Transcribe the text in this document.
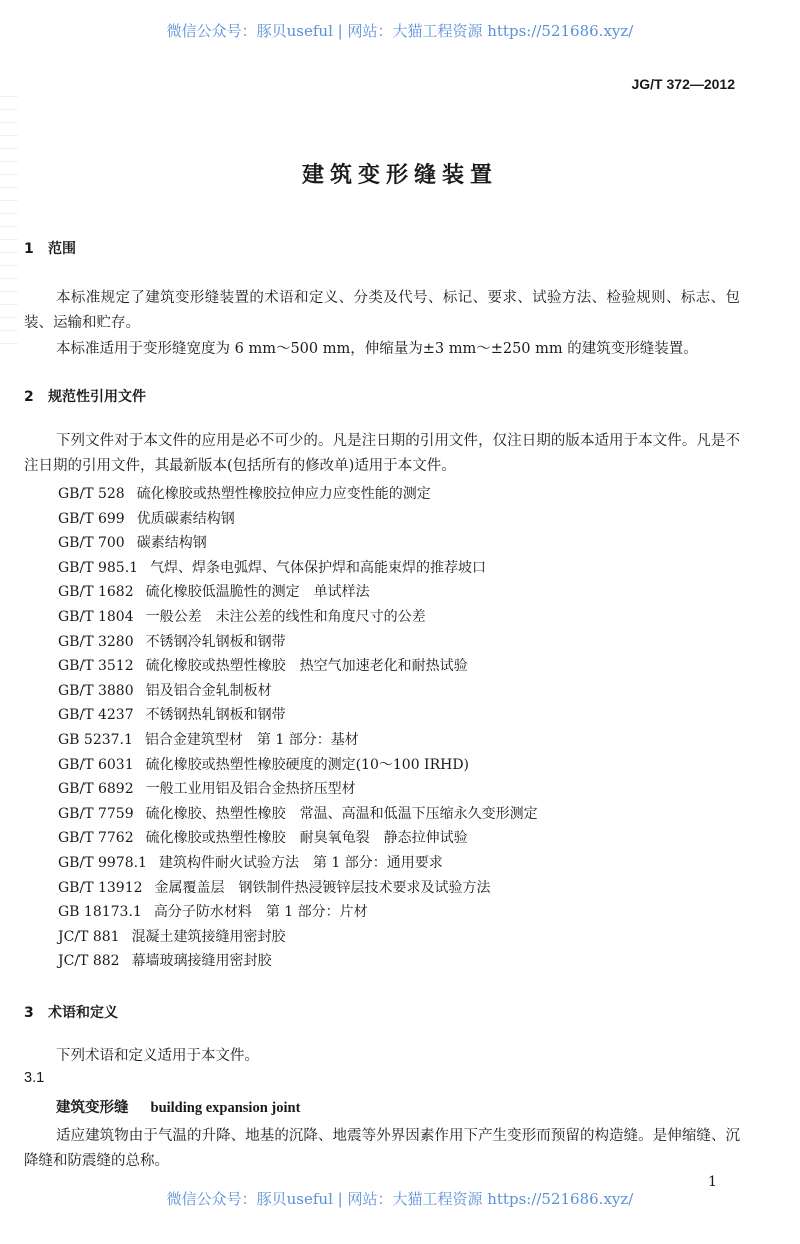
微信公众号：豚贝useful | 网站：大猫工程资源 https://521686.xyz/
JG/T 372—2012
建筑变形缝装置
1 范围
本标准规定了建筑变形缝装置的术语和定义、分类及代号、标记、要求、试验方法、检验规则、标志、包装、运输和贮存。
本标准适用于变形缝宽度为 6 mm～500 mm，伸缩量为±3 mm～±250 mm 的建筑变形缝装置。
2 规范性引用文件
下列文件对于本文件的应用是必不可少的。凡是注日期的引用文件，仅注日期的版本适用于本文件。凡是不注日期的引用文件，其最新版本(包括所有的修改单)适用于本文件。
GB/T 528 硫化橡胶或热塑性橡胶拉伸应力应变性能的测定
GB/T 699 优质碳素结构钢
GB/T 700 碳素结构钢
GB/T 985.1 气焊、焊条电弧焊、气体保护焊和高能束焊的推荐坡口
GB/T 1682 硫化橡胶低温脆性的测定　单试样法
GB/T 1804 一般公差　未注公差的线性和角度尺寸的公差
GB/T 3280 不锈钢冷轧钢板和钢带
GB/T 3512 硫化橡胶或热塑性橡胶　热空气加速老化和耐热试验
GB/T 3880 铝及铝合金轧制板材
GB/T 4237 不锈钢热轧钢板和钢带
GB 5237.1 铝合金建筑型材　第 1 部分：基材
GB/T 6031 硫化橡胶或热塑性橡胶硬度的测定(10～100 IRHD)
GB/T 6892 一般工业用铝及铝合金热挤压型材
GB/T 7759 硫化橡胶、热塑性橡胶　常温、高温和低温下压缩永久变形测定
GB/T 7762 硫化橡胶或热塑性橡胶　耐臭氧龟裂　静态拉伸试验
GB/T 9978.1 建筑构件耐火试验方法　第 1 部分：通用要求
GB/T 13912 金属覆盖层　钢铁制件热浸镀锌层技术要求及试验方法
GB 18173.1 高分子防水材料　第 1 部分：片材
JC/T 881 混凝土建筑接缝用密封胶
JC/T 882 幕墙玻璃接缝用密封胶
3 术语和定义
下列术语和定义适用于本文件。
3.1
建筑变形缝 building expansion joint
适应建筑物由于气温的升降、地基的沉降、地震等外界因素作用下产生变形而预留的构造缝。是伸缩缝、沉降缝和防震缝的总称。
1
微信公众号：豚贝useful | 网站：大猫工程资源 https://521686.xyz/
